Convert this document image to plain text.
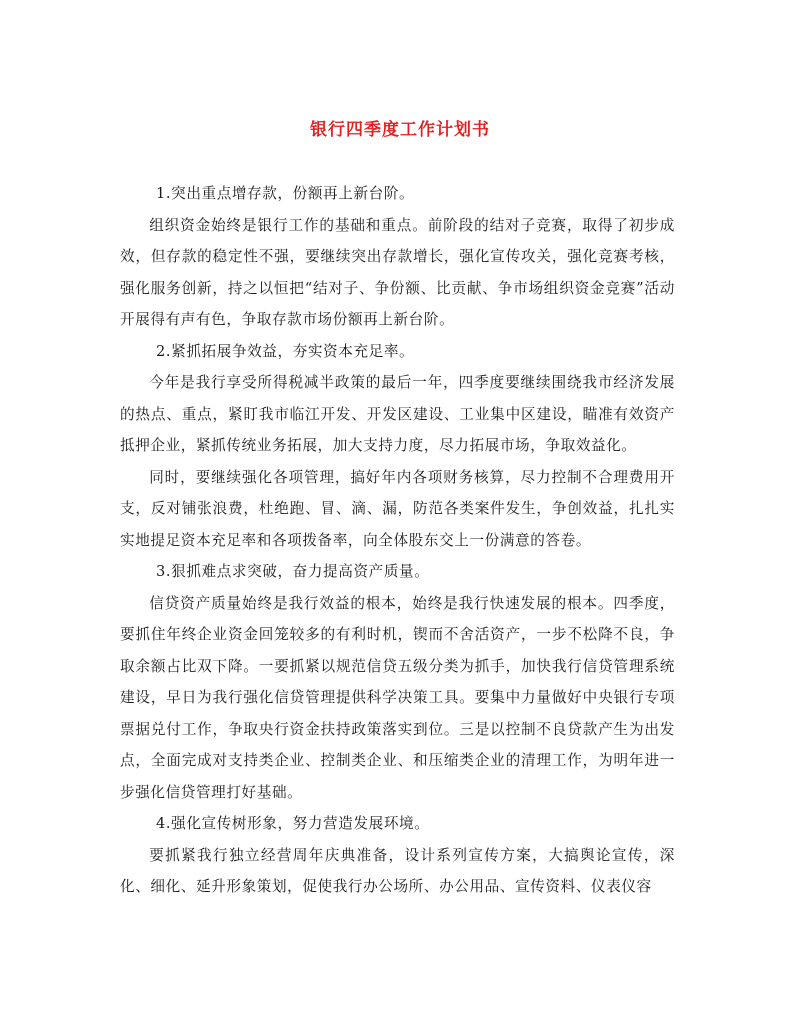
银行四季度工作计划书

1.突出重点增存款，份额再上新台阶。

组织资金始终是银行工作的基础和重点。前阶段的结对子竞赛，取得了初步成效，但存款的稳定性不强，要继续突出存款增长，强化宣传攻关，强化竞赛考核，强化服务创新，持之以恒把“结对子、争份额、比贡献、争市场组织资金竞赛”活动开展得有声有色，争取存款市场份额再上新台阶。

2.紧抓拓展争效益，夯实资本充足率。

今年是我行享受所得税减半政策的最后一年，四季度要继续围绕我市经济发展的热点、重点，紧盯我市临江开发、开发区建设、工业集中区建设，瞄准有效资产抵押企业，紧抓传统业务拓展，加大支持力度，尽力拓展市场，争取效益化。

同时，要继续强化各项管理，搞好年内各项财务核算，尽力控制不合理费用开支，反对铺张浪费，杜绝跑、冒、滴、漏，防范各类案件发生，争创效益，扎扎实实地提足资本充足率和各项拨备率，向全体股东交上一份满意的答卷。

3.狠抓难点求突破，奋力提高资产质量。

信贷资产质量始终是我行效益的根本，始终是我行快速发展的根本。四季度，要抓住年终企业资金回笼较多的有利时机，锲而不舍活资产，一步不松降不良，争取余额占比双下降。一要抓紧以规范信贷五级分类为抓手，加快我行信贷管理系统建设，早日为我行强化信贷管理提供科学决策工具。要集中力量做好中央银行专项票据兑付工作，争取央行资金扶持政策落实到位。三是以控制不良贷款产生为出发点，全面完成对支持类企业、控制类企业、和压缩类企业的清理工作，为明年进一步强化信贷管理打好基础。

4.强化宣传树形象，努力营造发展环境。

要抓紧我行独立经营周年庆典准备，设计系列宣传方案，大搞舆论宣传，深化、细化、延升形象策划，促使我行办公场所、办公用品、宣传资料、仪表仪容
